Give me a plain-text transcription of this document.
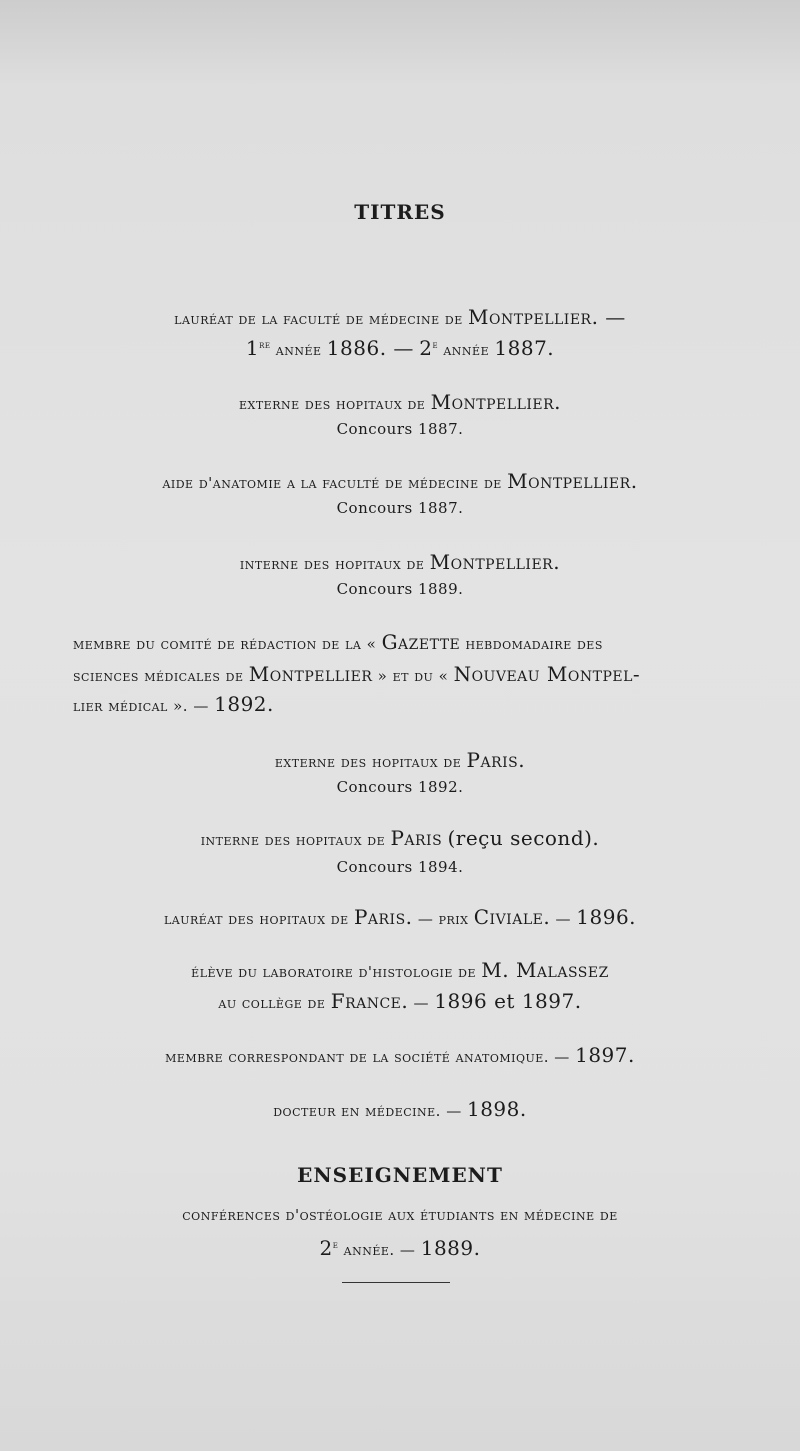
TITRES
lauréat de la faculté de médecine de Montpellier. —
1re année 1886. — 2e année 1887.
externe des hopitaux de Montpellier.
Concours 1887.
aide d'anatomie a la faculté de médecine de Montpellier.
Concours 1887.
interne des hopitaux de Montpellier.
Concours 1889.
membre du comité de rédaction de la « Gazette hebdomadaire des
sciences médicales de Montpellier » et du « Nouveau Montpel-
lier médical ». — 1892.
externe des hopitaux de Paris.
Concours 1892.
interne des hopitaux de Paris (reçu second).
Concours 1894.
lauréat des hopitaux de Paris. — prix Civiale. — 1896.
élève du laboratoire d'histologie de M. Malassez
au collège de France. — 1896 et 1897.
membre correspondant de la société anatomique. — 1897.
docteur en médecine. — 1898.
ENSEIGNEMENT
conférences d'ostéologie aux étudiants en médecine de
2e année. — 1889.
